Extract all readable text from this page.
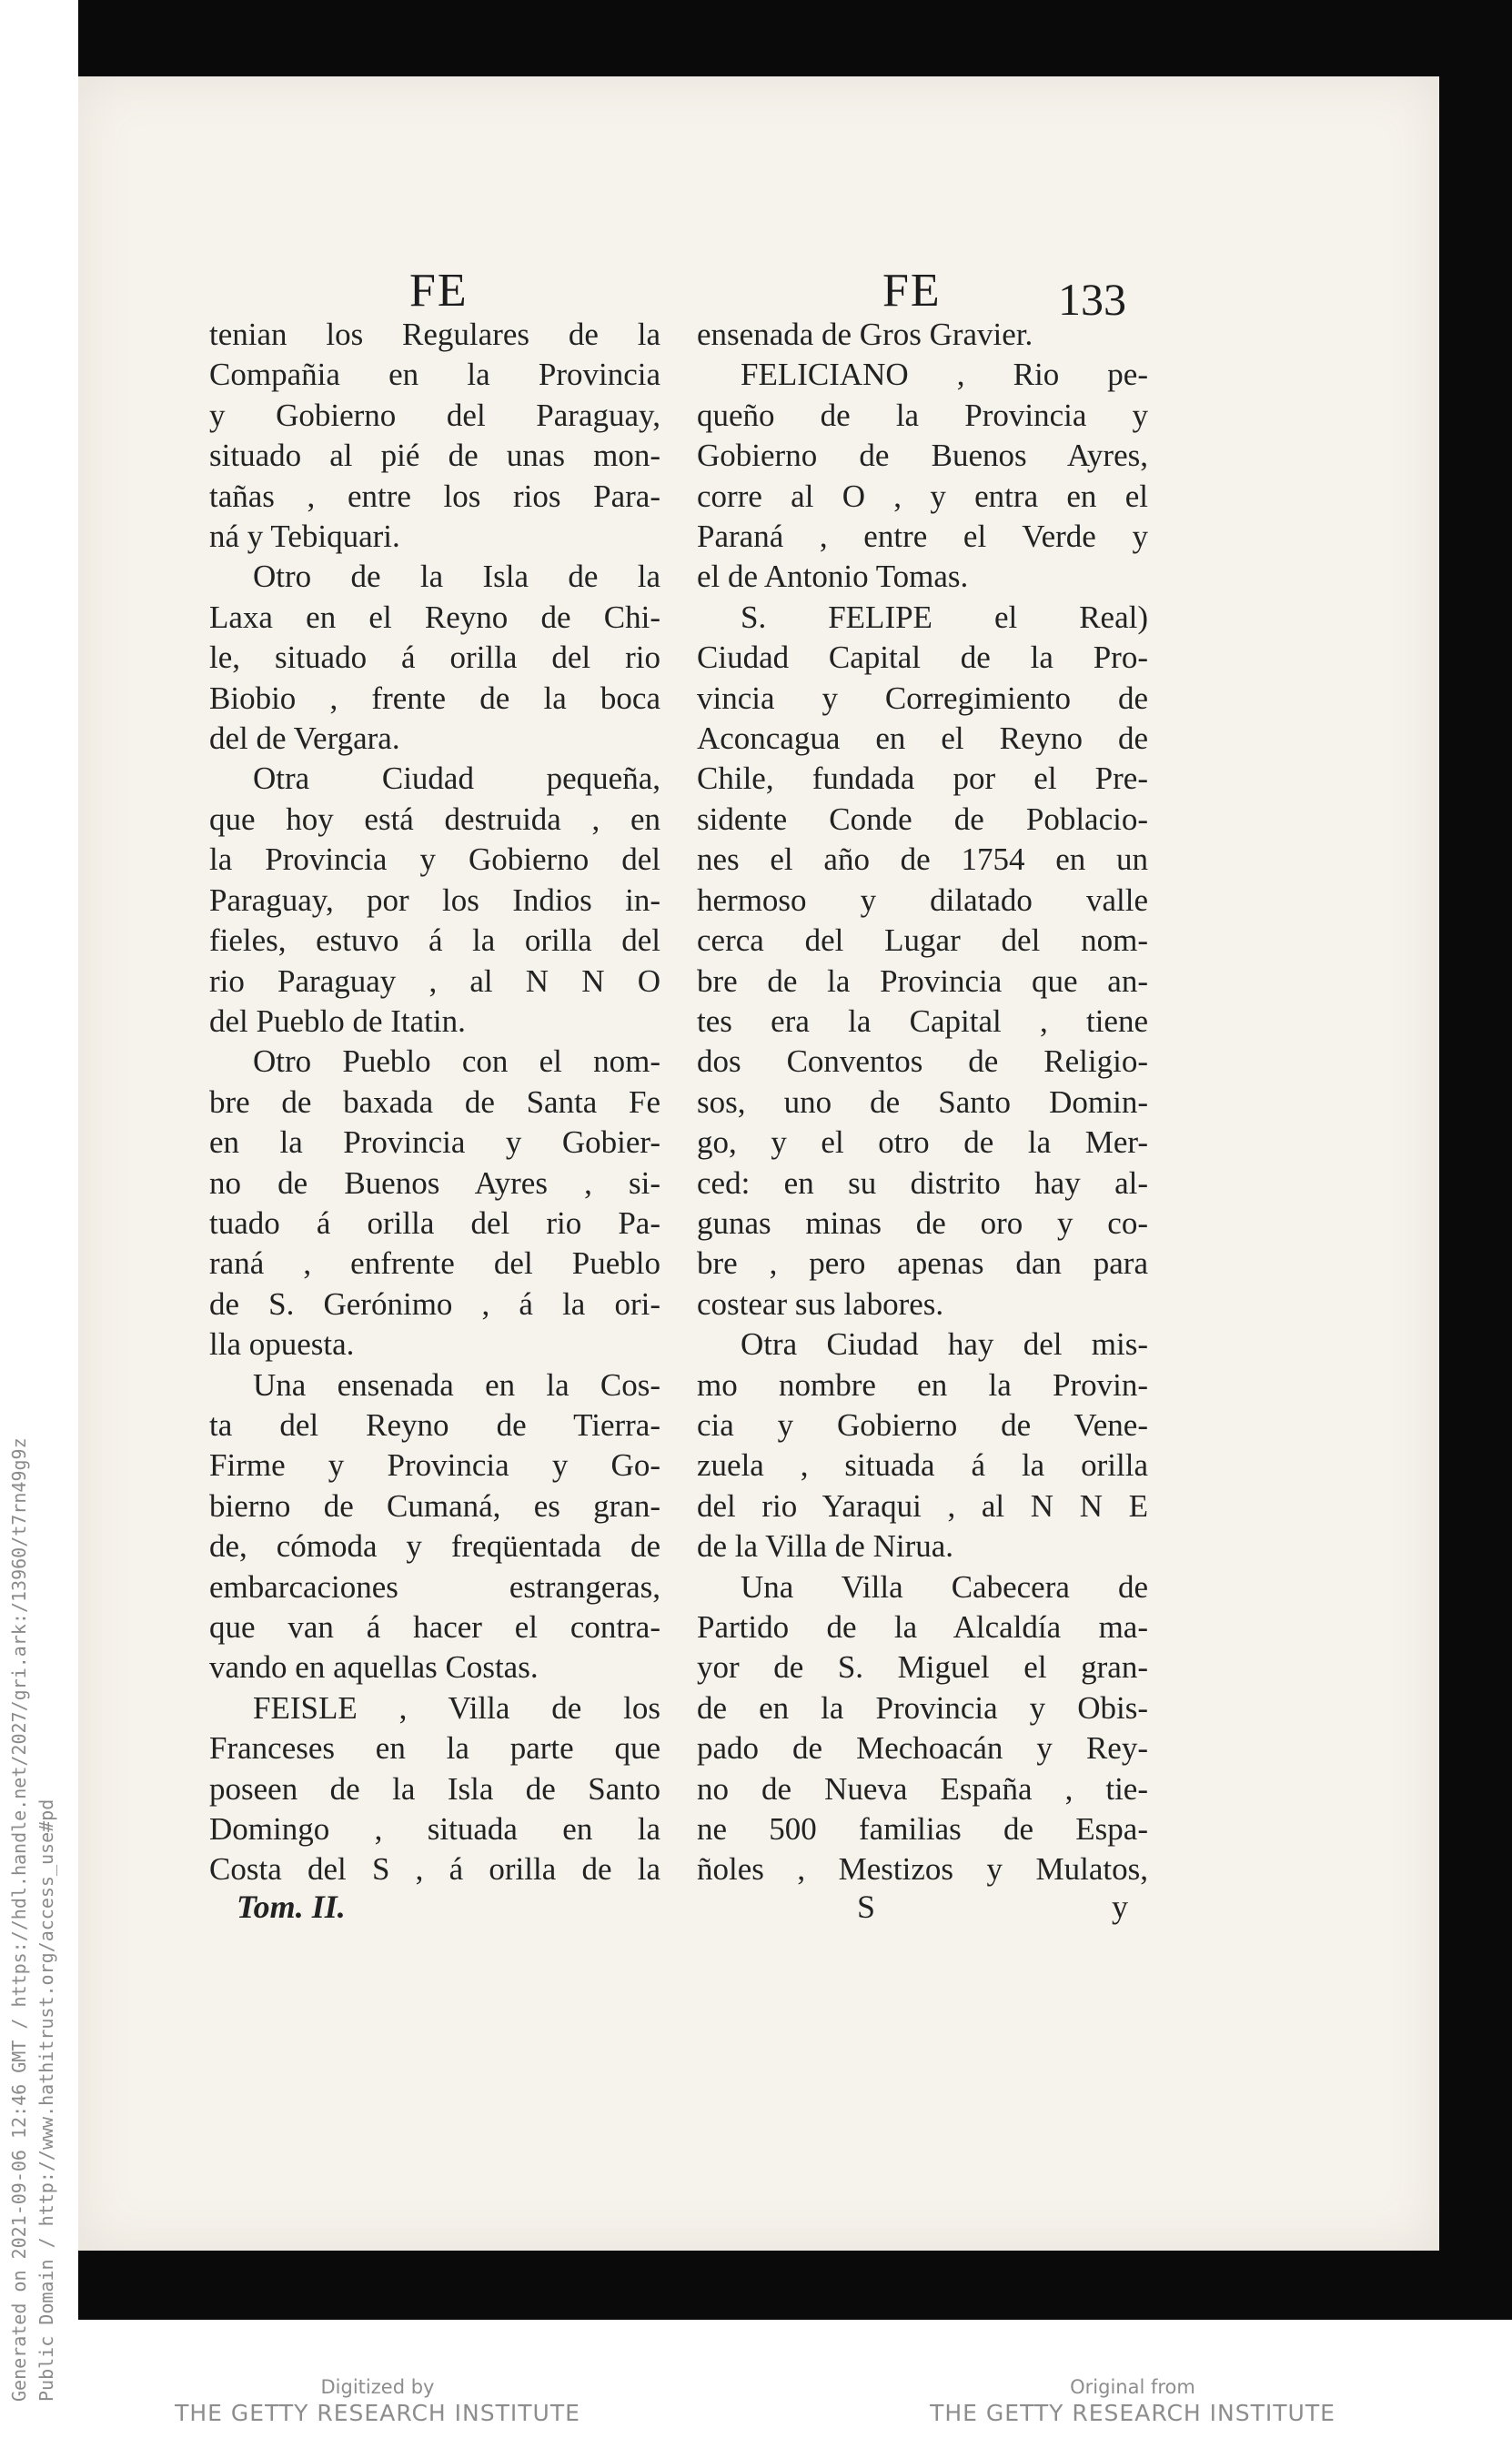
FE	FE	133
tenian los Regulares de la
Compañia en la Provincia
y Gobierno del Paraguay,
situado al pié de unas mon-
tañas , entre los rios Para-
ná y Tebiquari.
Otro de la Isla de la
Laxa en el Reyno de Chi-
le, situado á orilla del rio
Biobio , frente de la boca
del de Vergara.
Otra Ciudad pequeña,
que hoy está destruida , en
la Provincia y Gobierno del
Paraguay, por los Indios in-
fieles, estuvo á la orilla del
rio Paraguay , al N N O
del Pueblo de Itatin.
Otro Pueblo con el nom-
bre de baxada de Santa Fe
en la Provincia y Gobier-
no de Buenos Ayres , si-
tuado á orilla del rio Pa-
raná , enfrente del Pueblo
de S. Gerónimo , á la ori-
lla opuesta.
Una ensenada en la Cos-
ta del Reyno de Tierra-
Firme y Provincia y Go-
bierno de Cumaná, es gran-
de, cómoda y freqüentada de
embarcaciones estrangeras,
que van á hacer el contra-
vando en aquellas Costas.
FEISLE , Villa de los
Franceses en la parte que
poseen de la Isla de Santo
Domingo , situada en la
Costa del S , á orilla de la
ensenada de Gros Gravier.
FELICIANO , Rio pe-
queño de la Provincia y
Gobierno de Buenos Ayres,
corre al O , y entra en el
Paraná , entre el Verde y
el de Antonio Tomas.
S. FELIPE el Real)
Ciudad Capital de la Pro-
vincia y Corregimiento de
Aconcagua en el Reyno de
Chile, fundada por el Pre-
sidente Conde de Poblacio-
nes el año de 1754 en un
hermoso y dilatado valle
cerca del Lugar del nom-
bre de la Provincia que an-
tes era la Capital , tiene
dos Conventos de Religio-
sos, uno de Santo Domin-
go, y el otro de la Mer-
ced: en su distrito hay al-
gunas minas de oro y co-
bre , pero apenas dan para
costear sus labores.
Otra Ciudad hay del mis-
mo nombre en la Provin-
cia y Gobierno de Vene-
zuela , situada á la orilla
del rio Yaraqui , al N N E
de la Villa de Nirua.
Una Villa Cabecera de
Partido de la Alcaldía ma-
yor de S. Miguel el gran-
de en la Provincia y Obis-
pado de Mechoacán y Rey-
no de Nueva España , tie-
ne 500 familias de Espa-
ñoles , Mestizos y Mulatos,
Tom. II.	S	y
Generated on 2021-09-06 12:46 GMT / https://hdl.handle.net/2027/gri.ark:/13960/t7rn49g9z Public Domain / http://www.hathitrust.org/access_use#pd	Digitized by
THE GETTY RESEARCH INSTITUTE
Original from
THE GETTY RESEARCH INSTITUTE
